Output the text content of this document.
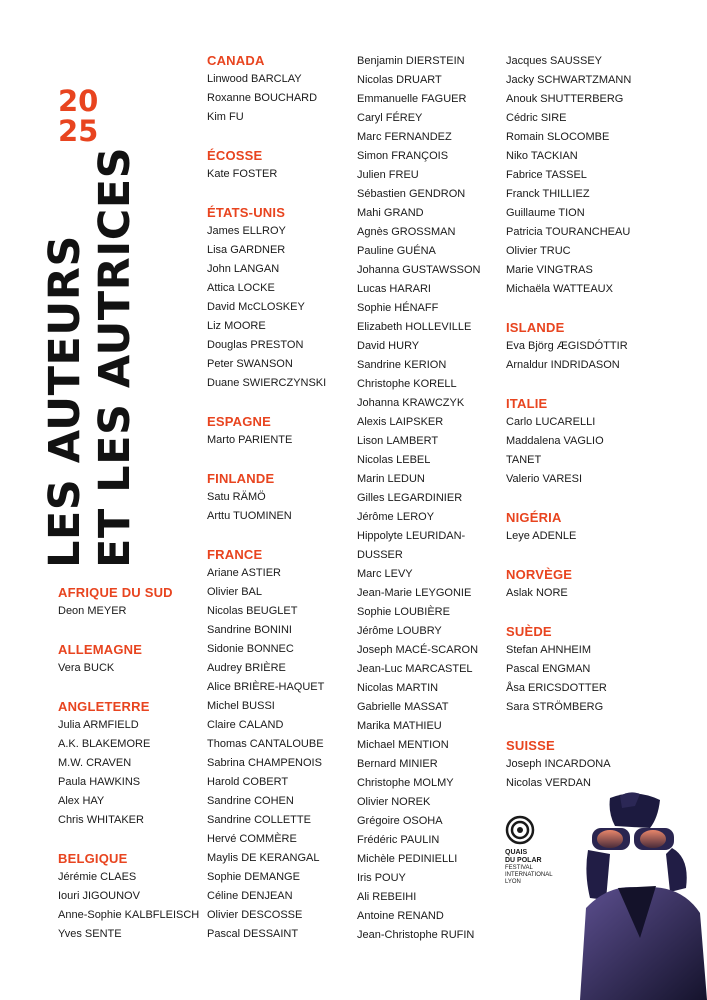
LES AUTEURS ET LES AUTRICES
20
25
AFRIQUE DU SUD
Deon MEYER
ALLEMAGNE
Vera BUCK
ANGLETERRE
Julia ARMFIELD
A.K. BLAKEMORE
M.W. CRAVEN
Paula HAWKINS
Alex HAY
Chris WHITAKER
BELGIQUE
Jérémie CLAES
Iouri JIGOUNOV
Anne-Sophie KALBFLEISCH
Yves SENTE
CANADA
Linwood BARCLAY
Roxanne BOUCHARD
Kim FU
ÉCOSSE
Kate FOSTER
ÉTATS-UNIS
James ELLROY
Lisa GARDNER
John LANGAN
Attica LOCKE
David McCLOSKEY
Liz MOORE
Douglas PRESTON
Peter SWANSON
Duane SWIERCZYNSKI
ESPAGNE
Marto PARIENTE
FINLANDE
Satu RÄMÖ
Arttu TUOMINEN
FRANCE
Ariane ASTIER
Olivier BAL
Nicolas BEUGLET
Sandrine BONINI
Sidonie BONNEC
Audrey BRIÈRE
Alice BRIÈRE-HAQUET
Michel BUSSI
Claire CALAND
Thomas CANTALOUBE
Sabrina CHAMPENOIS
Harold COBERT
Sandrine COHEN
Sandrine COLLETTE
Hervé COMMÈRE
Maylis DE KERANGAL
Sophie DEMANGE
Céline DENJEAN
Olivier DESCOSSE
Pascal DESSAINT
Benjamin DIERSTEIN
Nicolas DRUART
Emmanuelle FAGUER
Caryl FÉREY
Marc FERNANDEZ
Simon FRANÇOIS
Julien FREU
Sébastien GENDRON
Mahi GRAND
Agnès GROSSMAN
Pauline GUÉNA
Johanna GUSTAWSSON
Lucas HARARI
Sophie HÉNAFF
Elizabeth HOLLEVILLE
David HURY
Sandrine KERION
Christophe KORELL
Johanna KRAWCZYK
Alexis LAIPSKER
Lison LAMBERT
Nicolas LEBEL
Marin LEDUN
Gilles LEGARDINIER
Jérôme LEROY
Hippolyte LEURIDAN-
DUSSER
Marc LEVY
Jean-Marie LEYGONIE
Sophie LOUBIÈRE
Jérôme LOUBRY
Joseph MACÉ-SCARON
Jean-Luc MARCASTEL
Nicolas MARTIN
Gabrielle MASSAT
Marika MATHIEU
Michael MENTION
Bernard MINIER
Christophe MOLMY
Olivier NOREK
Grégoire OSOHA
Frédéric PAULIN
Michèle PEDINIELLI
Iris POUY
Ali REBEIHI
Antoine RENAND
Jean-Christophe RUFIN
Jacques SAUSSEY
Jacky SCHWARTZMANN
Anouk SHUTTERBERG
Cédric SIRE
Romain SLOCOMBE
Niko TACKIAN
Fabrice TASSEL
Franck THILLIEZ
Guillaume TION
Patricia TOURANCHEAU
Olivier TRUC
Marie VINGTRAS
Michaëla WATTEAUX
ISLANDE
Eva Björg ÆGISDÓTTIR
Arnaldur INDRIDASON
ITALIE
Carlo LUCARELLI
Maddalena VAGLIO
TANET
Valerio VARESI
NIGÉRIA
Leye ADENLE
NORVÈGE
Aslak NORE
SUÈDE
Stefan AHNHEIM
Pascal ENGMAN
Åsa ERICSDOTTER
Sara STRÖMBERG
SUISSE
Joseph INCARDONA
Nicolas VERDAN
QUAIS
DU POLAR
FESTIVAL
INTERNATIONAL
LYON
